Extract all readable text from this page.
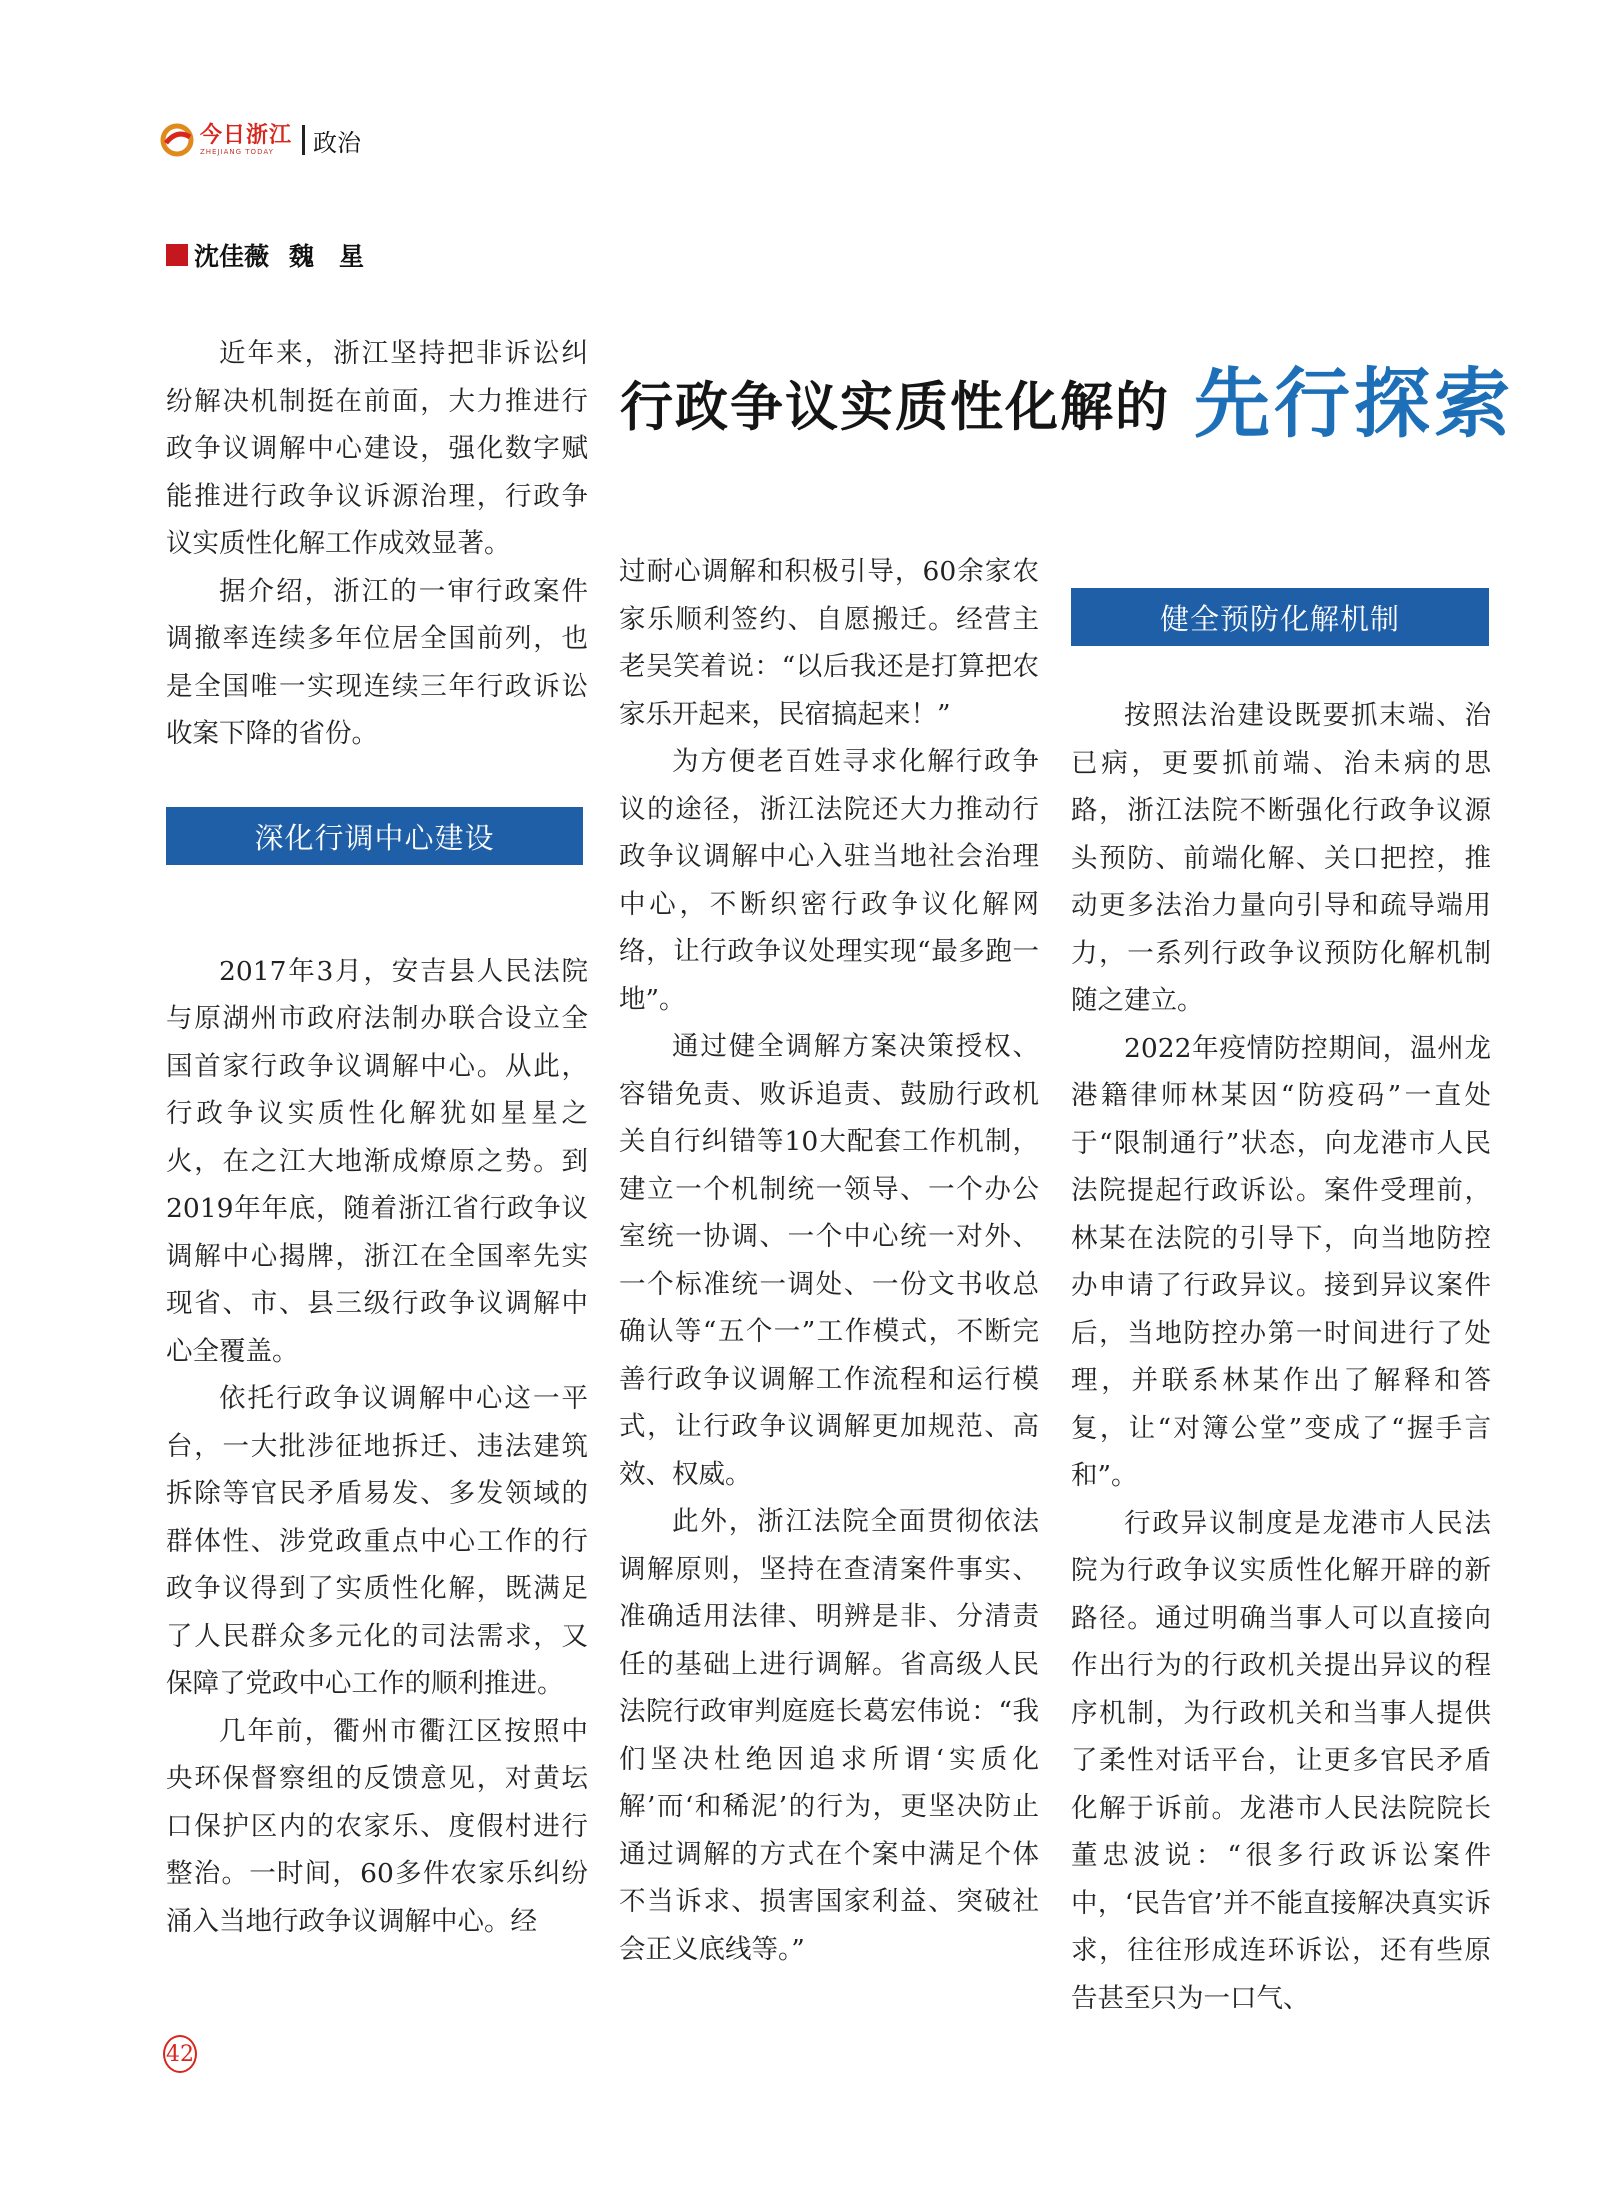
今日浙江
ZHEJIANG TODAY	政治
沈佳薇 魏　星
行政争议实质性化解的 先行探索

近年来，浙江坚持把非诉讼纠纷解决机制挺在前面，大力推进行政争议调解中心建设，强化数字赋能推进行政争议诉源治理，行政争议实质性化解工作成效显著。

据介绍，浙江的一审行政案件调撤率连续多年位居全国前列，也是全国唯一实现连续三年行政诉讼收案下降的省份。

2017年3月，安吉县人民法院与原湖州市政府法制办联合设立全国首家行政争议调解中心。从此，行政争议实质性化解犹如星星之火，在之江大地渐成燎原之势。到2019年年底，随着浙江省行政争议调解中心揭牌，浙江在全国率先实现省、市、县三级行政争议调解中心全覆盖。

依托行政争议调解中心这一平台，一大批涉征地拆迁、违法建筑拆除等官民矛盾易发、多发领域的群体性、涉党政重点中心工作的行政争议得到了实质性化解，既满足了人民群众多元化的司法需求，又保障了党政中心工作的顺利推进。

几年前，衢州市衢江区按照中央环保督察组的反馈意见，对黄坛口保护区内的农家乐、度假村进行整治。一时间，60多件农家乐纠纷涌入当地行政争议调解中心。经

深化行调中心建设

过耐心调解和积极引导，60余家农家乐顺利签约、自愿搬迁。经营主老吴笑着说：“以后我还是打算把农家乐开起来，民宿搞起来！”

为方便老百姓寻求化解行政争议的途径，浙江法院还大力推动行政争议调解中心入驻当地社会治理中心，不断织密行政争议化解网络，让行政争议处理实现“最多跑一地”。

通过健全调解方案决策授权、容错免责、败诉追责、鼓励行政机关自行纠错等10大配套工作机制，建立一个机制统一领导、一个办公室统一协调、一个中心统一对外、一个标准统一调处、一份文书收总确认等“五个一”工作模式，不断完善行政争议调解工作流程和运行模式，让行政争议调解更加规范、高效、权威。

此外，浙江法院全面贯彻依法调解原则，坚持在查清案件事实、准确适用法律、明辨是非、分清责任的基础上进行调解。省高级人民法院行政审判庭庭长葛宏伟说：“我们坚决杜绝因追求所谓‘实质化解’而‘和稀泥’的行为，更坚决防止通过调解的方式在个案中满足个体不当诉求、损害国家利益、突破社会正义底线等。”

健全预防化解机制

按照法治建设既要抓末端、治已病，更要抓前端、治未病的思路，浙江法院不断强化行政争议源头预防、前端化解、关口把控，推动更多法治力量向引导和疏导端用力，一系列行政争议预防化解机制随之建立。

2022年疫情防控期间，温州龙港籍律师林某因“防疫码”一直处于“限制通行”状态，向龙港市人民法院提起行政诉讼。案件受理前，林某在法院的引导下，向当地防控办申请了行政异议。接到异议案件后，当地防控办第一时间进行了处理，并联系林某作出了解释和答复，让“对簿公堂”变成了“握手言和”。

行政异议制度是龙港市人民法院为行政争议实质性化解开辟的新路径。通过明确当事人可以直接向作出行为的行政机关提出异议的程序机制，为行政机关和当事人提供了柔性对话平台，让更多官民矛盾化解于诉前。龙港市人民法院院长董忠波说：“很多行政诉讼案件中，‘民告官’并不能直接解决真实诉求，往往形成连环诉讼，还有些原告甚至只为一口气、

42
